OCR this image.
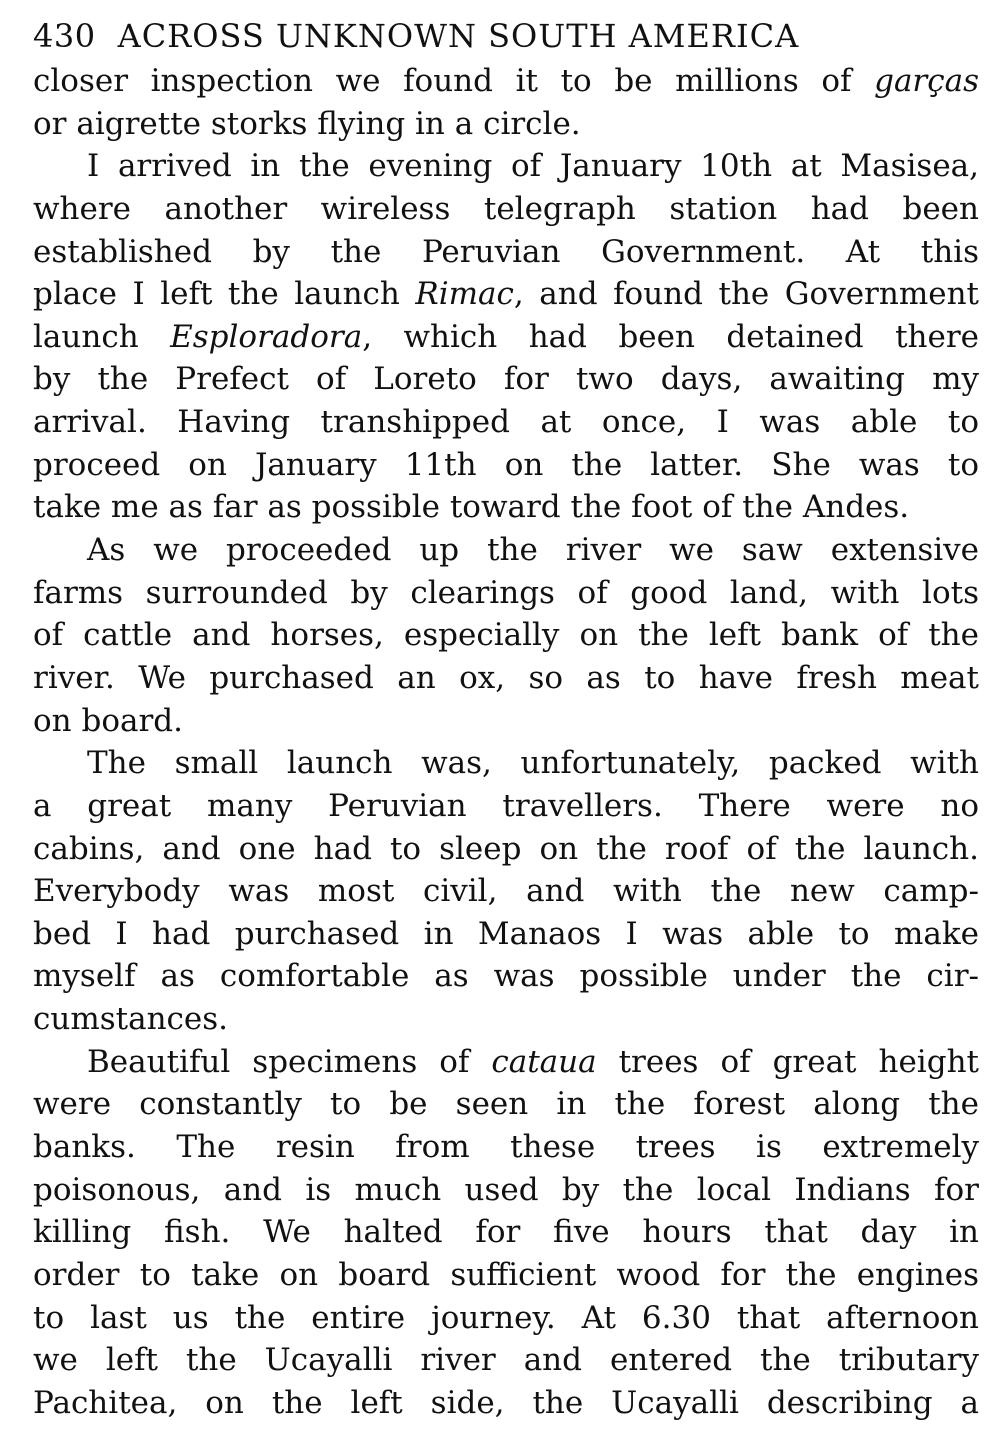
430 ACROSS UNKNOWN SOUTH AMERICA
closer inspection we found it to be millions of garças
or aigrette storks flying in a circle.
I arrived in the evening of January 10th at Masisea,
where another wireless telegraph station had been
established by the Peruvian Government. At this
place I left the launch Rimac, and found the Government
launch Esploradora, which had been detained there
by the Prefect of Loreto for two days, awaiting my
arrival. Having transhipped at once, I was able to
proceed on January 11th on the latter. She was to
take me as far as possible toward the foot of the Andes.
As we proceeded up the river we saw extensive
farms surrounded by clearings of good land, with lots
of cattle and horses, especially on the left bank of the
river. We purchased an ox, so as to have fresh meat
on board.
The small launch was, unfortunately, packed with
a great many Peruvian travellers. There were no
cabins, and one had to sleep on the roof of the launch.
Everybody was most civil, and with the new camp-
bed I had purchased in Manaos I was able to make
myself as comfortable as was possible under the cir-
cumstances.
Beautiful specimens of cataua trees of great height
were constantly to be seen in the forest along the
banks. The resin from these trees is extremely
poisonous, and is much used by the local Indians for
killing fish. We halted for five hours that day in
order to take on board sufficient wood for the engines
to last us the entire journey. At 6.30 that afternoon
we left the Ucayalli river and entered the tributary
Pachitea, on the left side, the Ucayalli describing a
